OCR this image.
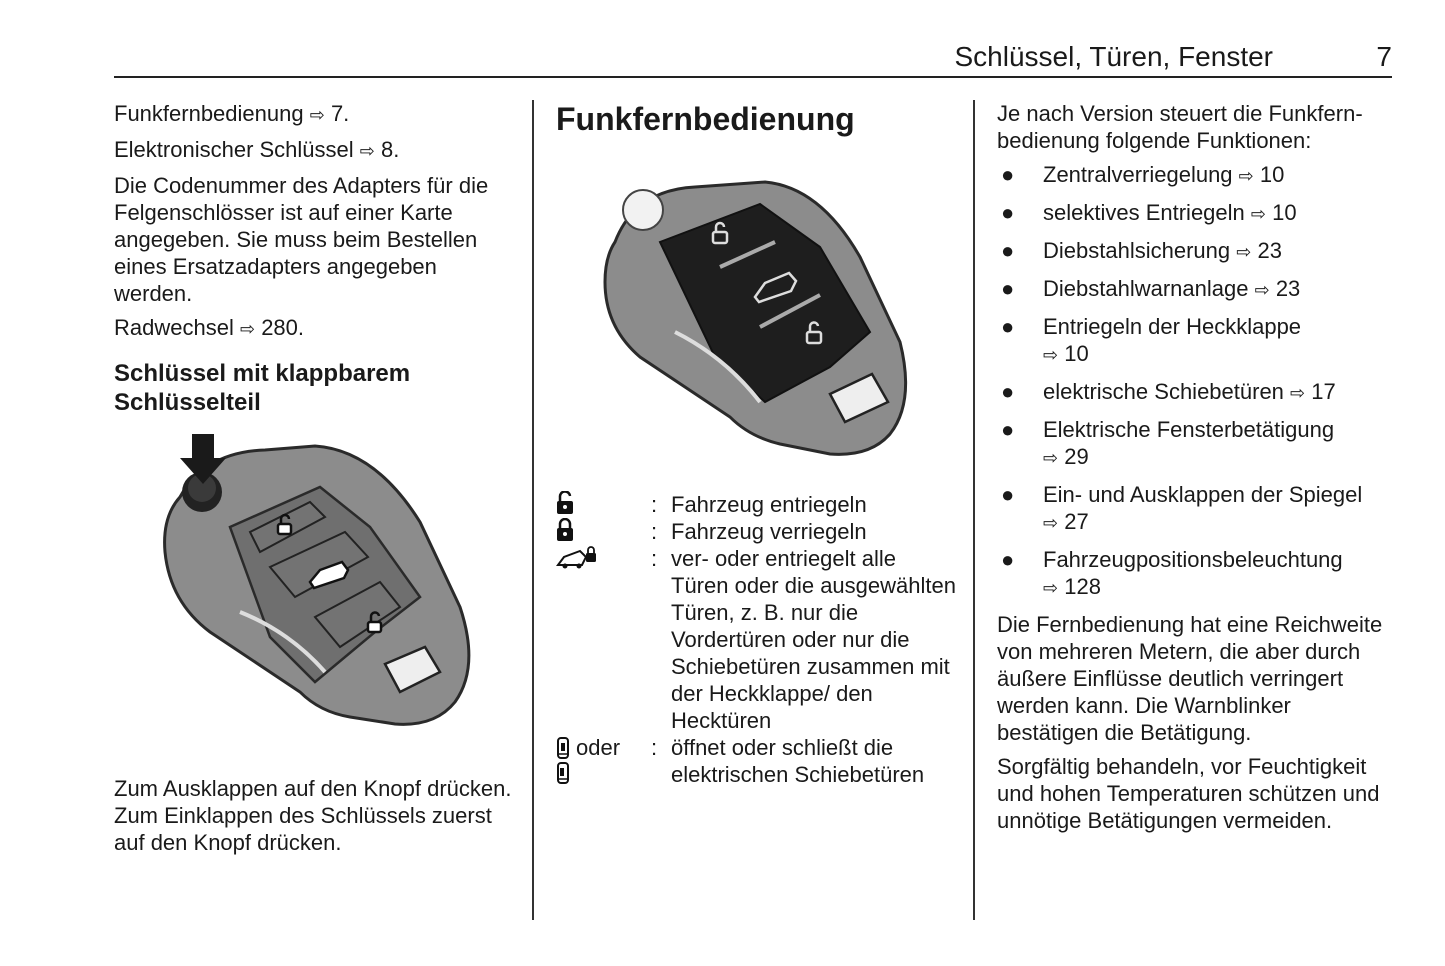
Schlüssel, Türen, Fenster	7

Funkfernbedienung ⇨ 7.

Elektronischer Schlüssel ⇨ 8.

Die Codenummer des Adapters für die Felgenschlösser ist auf einer Karte angegeben. Sie muss beim Bestellen eines Ersatzadapters angegeben werden.

Radwechsel ⇨ 280.

Schlüssel mit klappbarem Schlüsselteil

Zum Ausklappen auf den Knopf drücken. Zum Einklappen des Schlüssels zuerst auf den Knopf drücken.

Funkfernbedienung
: Fahrzeug entriegeln
: Fahrzeug verriegeln
: ver- oder entriegelt alle Türen oder die ausgewählten Türen, z. B. nur die Vordertüren oder nur die Schiebetüren zusammen mit der Heckklappe/ den Hecktüren
oder : öffnet oder schließt die elektrischen Schiebetüren

Je nach Version steuert die Funkfernbedienung folgende Funktionen:

●	Zentralverriegelung ⇨ 10
●	selektives Entriegeln ⇨ 10
●	Diebstahlsicherung ⇨ 23
●	Diebstahlwarnanlage ⇨ 23
●	Entriegeln der Heckklappe
⇨ 10
●	elektrische Schiebetüren ⇨ 17
●	Elektrische Fensterbetätigung
⇨ 29
●	Ein- und Ausklappen der Spiegel
⇨ 27
●	Fahrzeugpositionsbeleuchtung
⇨ 128

Die Fernbedienung hat eine Reichweite von mehreren Metern, die aber durch äußere Einflüsse deutlich verringert werden kann. Die Warnblinker bestätigen die Betätigung.

Sorgfältig behandeln, vor Feuchtigkeit und hohen Temperaturen schützen und unnötige Betätigungen vermeiden.
